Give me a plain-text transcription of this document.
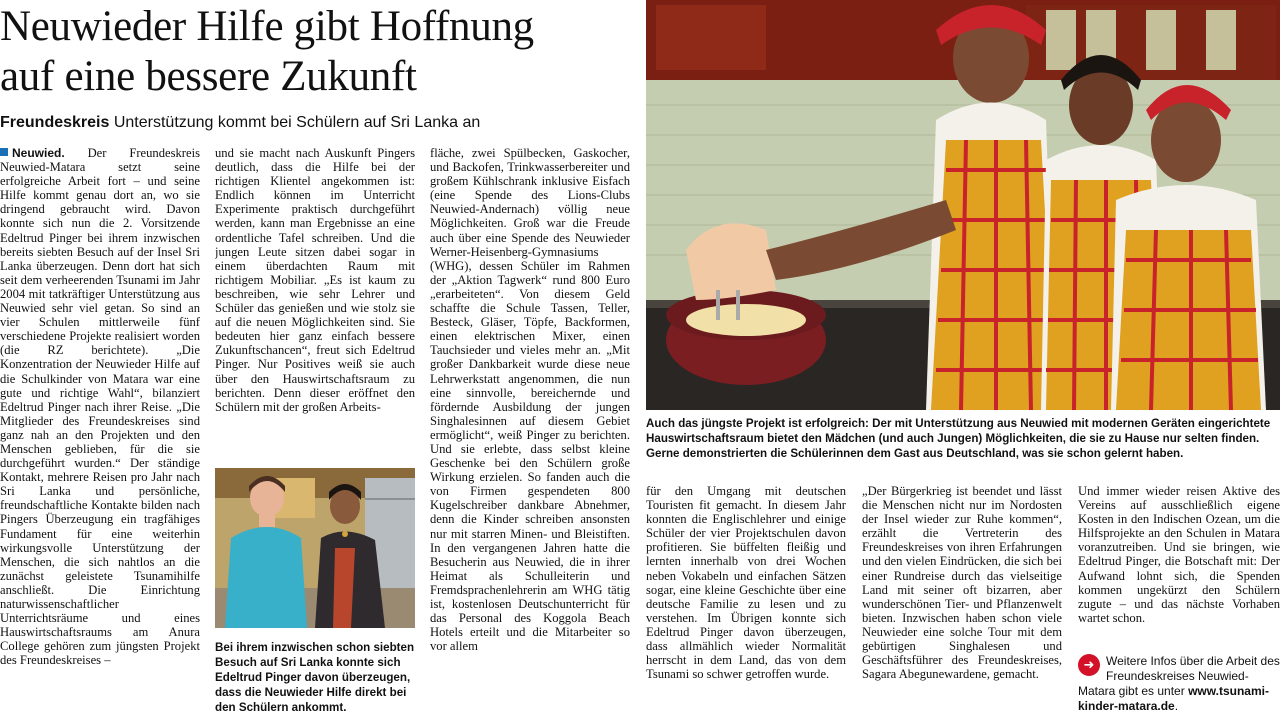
Neuwieder Hilfe gibt Hoffnung
auf eine bessere Zukunft
Freundeskreis Unterstützung kommt bei Schülern auf Sri Lanka an

Neuwied. Der Freundeskreis Neuwied-Matara setzt seine erfolgreiche Arbeit fort – und seine Hilfe kommt genau dort an, wo sie dringend gebraucht wird. Davon konnte sich nun die 2. Vorsitzende Edeltrud Pinger bei ihrem inzwischen bereits siebten Besuch auf der Insel Sri Lanka überzeugen. Denn dort hat sich seit dem verheerenden Tsunami im Jahr 2004 mit tatkräftiger Unterstützung aus Neuwied sehr viel getan. So sind an vier Schulen mittlerweile fünf verschiedene Projekte realisiert worden (die RZ berichtete). „Die Konzentration der Neuwieder Hilfe auf die Schulkinder von Matara war eine gute und richtige Wahl“, bilanziert Edeltrud Pinger nach ihrer Reise. „Die Mitglieder des Freundeskreises sind ganz nah an den Projekten und den Menschen geblieben, für die sie durchgeführt wurden.“ Der ständige Kontakt, mehrere Reisen pro Jahr nach Sri Lanka und persönliche, freundschaftliche Kontakte bilden nach Pingers Überzeugung ein tragfähiges Fundament für eine weiterhin wirkungsvolle Unterstützung der Menschen, die sich nahtlos an die zunächst geleistete Tsunamihilfe anschließt. Die Einrichtung naturwissenschaftlicher Unterrichtsräume und eines Hauswirtschaftsraums am Anura College gehören zum jüngsten Projekt des Freundeskreises –

und sie macht nach Auskunft Pingers deutlich, dass die Hilfe bei der richtigen Klientel angekommen ist: Endlich können im Unterricht Experimente praktisch durchgeführt werden, kann man Ergebnisse an eine ordentliche Tafel schreiben. Und die jungen Leute sitzen dabei sogar in einem überdachten Raum mit richtigem Mobiliar. „Es ist kaum zu beschreiben, wie sehr Lehrer und Schüler das genießen und wie stolz sie auf die neuen Möglichkeiten sind. Sie bedeuten hier ganz einfach bessere Zukunftschancen“, freut sich Edeltrud Pinger. Nur Positives weiß sie auch über den Hauswirtschaftsraum zu berichten. Denn dieser eröffnet den Schülern mit der großen Arbeits-

Bei ihrem inzwischen schon siebten Besuch auf Sri Lanka konnte sich Edeltrud Pinger davon überzeugen, dass die Neuwieder Hilfe direkt bei den Schülern ankommt.
Auch das jüngste Projekt ist erfolgreich: Der mit Unterstützung aus Neuwied mit modernen Geräten eingerichtete Hauswirtschaftsraum bietet den Mädchen (und auch Jungen) Möglichkeiten, die sie zu Hause nur selten finden. Gerne demonstrierten die Schülerinnen dem Gast aus Deutschland, was sie schon gelernt haben.

fläche, zwei Spülbecken, Gaskocher, und Backofen, Trinkwasserbereiter und großem Kühlschrank inklusive Eisfach (eine Spende des Lions-Clubs Neuwied-Andernach) völlig neue Möglichkeiten. Groß war die Freude auch über eine Spende des Neuwieder Werner-Heisenberg-Gymnasiums (WHG), dessen Schüler im Rahmen der „Aktion Tagwerk“ rund 800 Euro „erarbeiteten“. Von diesem Geld schaffte die Schule Tassen, Teller, Besteck, Gläser, Töpfe, Backformen, einen elektrischen Mixer, einen Tauchsieder und vieles mehr an. „Mit großer Dankbarkeit wurde diese neue Lehrwerkstatt angenommen, die nun eine sinnvolle, bereichernde und fördernde Ausbildung der jungen Singhalesinnen auf diesem Gebiet ermöglicht“, weiß Pinger zu berichten. Und sie erlebte, dass selbst kleine Geschenke bei den Schülern große Wirkung erzielen. So fanden auch die von Firmen gespendeten 800 Kugelschreiber dankbare Abnehmer, denn die Kinder schreiben ansonsten nur mit starren Minen- und Bleistiften. In den vergangenen Jahren hatte die Besucherin aus Neuwied, die in ihrer Heimat als Schulleiterin und Fremdsprachenlehrerin am WHG tätig ist, kostenlosen Deutschunterricht für das Personal des Koggola Beach Hotels erteilt und die Mitarbeiter so vor allem

für den Umgang mit deutschen Touristen fit gemacht. In diesem Jahr konnten die Englischlehrer und einige Schüler der vier Projektschulen davon profitieren. Sie büffelten fleißig und lernten innerhalb von drei Wochen neben Vokabeln und einfachen Sätzen sogar, eine kleine Geschichte über eine deutsche Familie zu lesen und zu verstehen. Im Übrigen konnte sich Edeltrud Pinger davon überzeugen, dass allmählich wieder Normalität herrscht in dem Land, das von dem Tsunami so schwer getroffen wurde.

„Der Bürgerkrieg ist beendet und lässt die Menschen nicht nur im Nordosten der Insel wieder zur Ruhe kommen“, erzählt die Vertreterin des Freundeskreises von ihren Erfahrungen und den vielen Eindrücken, die sich bei einer Rundreise durch das vielseitige Land mit seiner oft bizarren, aber wunderschönen Tier- und Pflanzenwelt bieten. Inzwischen haben schon viele Neuwieder eine solche Tour mit dem gebürtigen Singhalesen und Geschäftsführer des Freundeskreises, Sagara Abegunewardene, gemacht.

Und immer wieder reisen Aktive des Vereins auf ausschließlich eigene Kosten in den Indischen Ozean, um die Hilfsprojekte an den Schulen in Matara voranzutreiben. Und sie bringen, wie Edeltrud Pinger, die Botschaft mit: Der Aufwand lohnt sich, die Spenden kommen ungekürzt den Schülern zugute – und das nächste Vorhaben wartet schon.

➜ Weitere Infos über die Arbeit des Freundeskreises Neuwied-Matara gibt es unter www.tsunami-kinder-matara.de.
